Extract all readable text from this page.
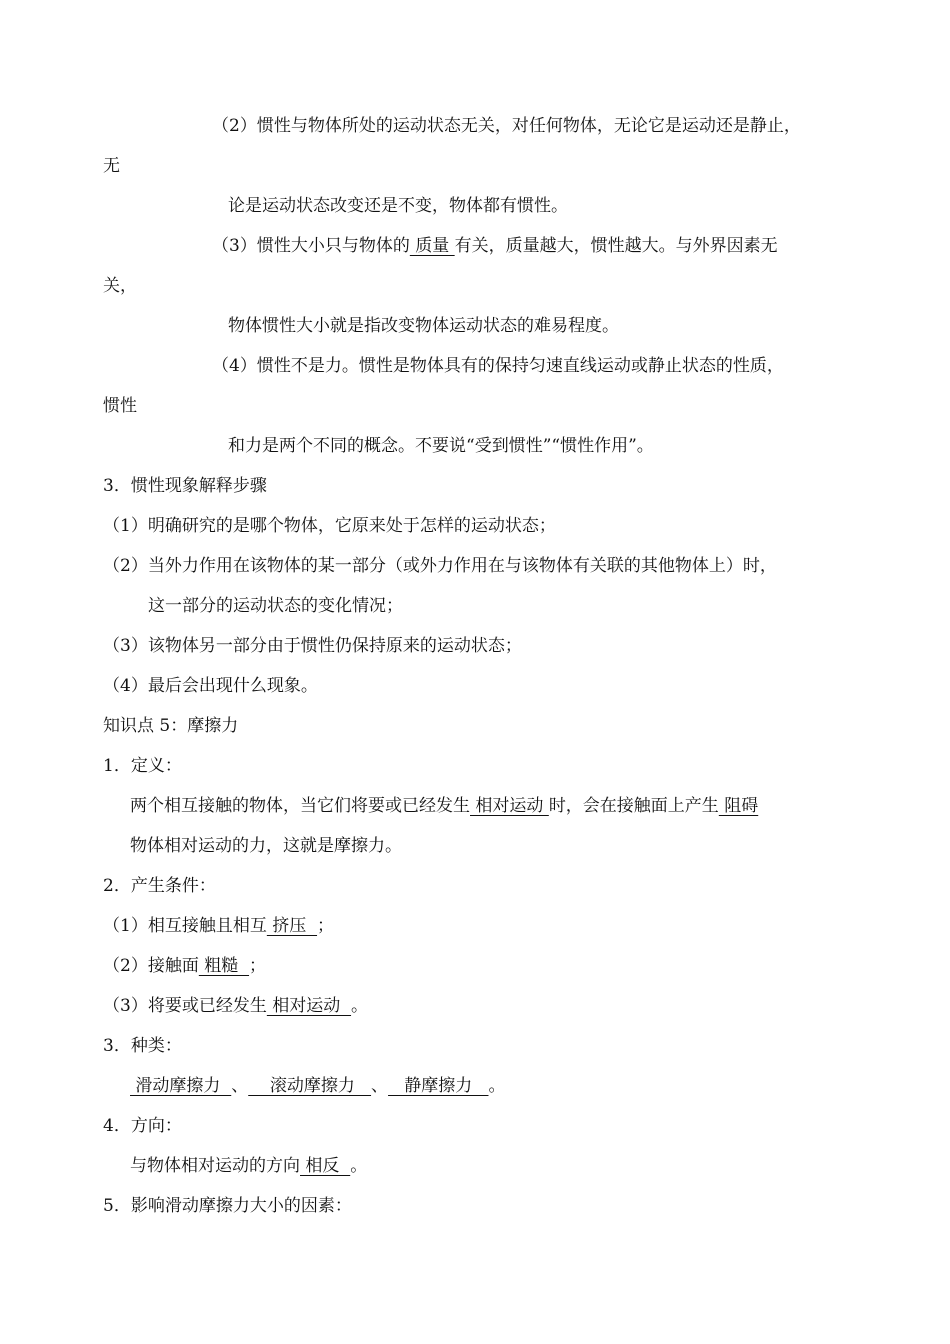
（2）惯性与物体所处的运动状态无关，对任何物体，无论它是运动还是静止，
无
论是运动状态改变还是不变，物体都有惯性。
（3）惯性大小只与物体的 质量 有关，质量越大，惯性越大。与外界因素无
关，
物体惯性大小就是指改变物体运动状态的难易程度。
（4）惯性不是力。惯性是物体具有的保持匀速直线运动或静止状态的性质，
惯性
和力是两个不同的概念。不要说“受到惯性”“惯性作用”。
3．惯性现象解释步骤
（1）明确研究的是哪个物体，它原来处于怎样的运动状态；
（2）当外力作用在该物体的某一部分（或外力作用在与该物体有关联的其他物体上）时，
这一部分的运动状态的变化情况；
（3）该物体另一部分由于惯性仍保持原来的运动状态；
（4）最后会出现什么现象。
知识点 5：摩擦力
1．定义：
两个相互接触的物体，当它们将要或已经发生 相对运动 时，会在接触面上产生 阻碍
物体相对运动的力，这就是摩擦力。
2．产生条件：
（1）相互接触且相互 挤压  ；
（2）接触面 粗糙  ；
（3）将要或已经发生 相对运动  。
3．种类：
滑动摩擦力  、    滚动摩擦力   、   静摩擦力   。
4．方向：
与物体相对运动的方向 相反  。
5．影响滑动摩擦力大小的因素：
